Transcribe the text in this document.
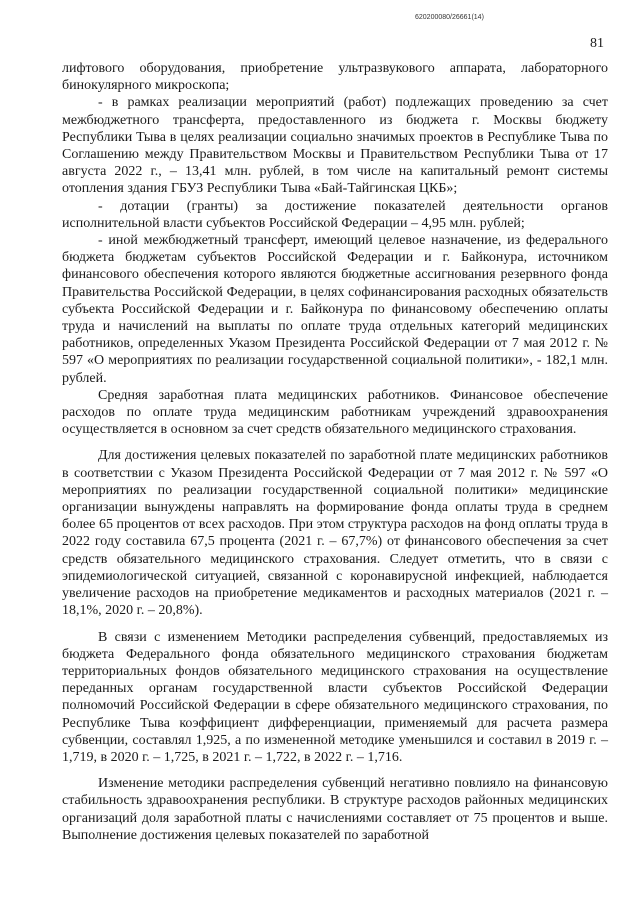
620200080/26661(14)
81

лифтового оборудования, приобретение ультразвукового аппарата, лабораторного бинокулярного микроскопа;

- в рамках реализации мероприятий (работ) подлежащих проведению за счет межбюджетного трансферта, предоставленного из бюджета г. Москвы бюджету Республики Тыва в целях реализации социально значимых проектов в Республике Тыва по Соглашению между Правительством Москвы и Правительством Республики Тыва от 17 августа 2022 г., – 13,41 млн. рублей, в том числе на капитальный ремонт системы отопления здания ГБУЗ Республики Тыва «Бай-Тайгинская ЦКБ»;

- дотации (гранты) за достижение показателей деятельности органов исполнительной власти субъектов Российской Федерации – 4,95 млн. рублей;

- иной межбюджетный трансферт, имеющий целевое назначение, из федерального бюджета бюджетам субъектов Российской Федерации и г. Байконура, источником финансового обеспечения которого являются бюджетные ассигнования резервного фонда Правительства Российской Федерации, в целях софинансирования расходных обязательств субъекта Российской Федерации и г. Байконура по финансовому обеспечению оплаты труда и начислений на выплаты по оплате труда отдельных категорий медицинских работников, определенных Указом Президента Российской Федерации от 7 мая 2012 г. № 597 «О мероприятиях по реализации государственной социальной политики», - 182,1 млн. рублей.

Средняя заработная плата медицинских работников. Финансовое обеспечение расходов по оплате труда медицинским работникам учреждений здравоохранения осуществляется в основном за счет средств обязательного медицинского страхования.

Для достижения целевых показателей по заработной плате медицинских работников в соответствии с Указом Президента Российской Федерации от 7 мая 2012 г. № 597 «О мероприятиях по реализации государственной социальной политики» медицинские организации вынуждены направлять на формирование фонда оплаты труда в среднем более 65 процентов от всех расходов. При этом структура расходов на фонд оплаты труда в 2022 году составила 67,5 процента (2021 г. – 67,7%) от финансового обеспечения за счет средств обязательного медицинского страхования. Следует отметить, что в связи с эпидемиологической ситуацией, связанной с коронавирусной инфекцией, наблюдается увеличение расходов на приобретение медикаментов и расходных материалов (2021 г. – 18,1%, 2020 г. – 20,8%).

В связи с изменением Методики распределения субвенций, предоставляемых из бюджета Федерального фонда обязательного медицинского страхования бюджетам территориальных фондов обязательного медицинского страхования на осуществление переданных органам государственной власти субъектов Российской Федерации полномочий Российской Федерации в сфере обязательного медицинского страхования, по Республике Тыва коэффициент дифференциации, применяемый для расчета размера субвенции, составлял 1,925, а по измененной методике уменьшился и составил в 2019 г. – 1,719, в 2020 г. – 1,725, в 2021 г. – 1,722, в 2022 г. – 1,716.

Изменение методики распределения субвенций негативно повлияло на финансовую стабильность здравоохранения республики. В структуре расходов районных медицинских организаций доля заработной платы с начислениями составляет от 75 процентов и выше. Выполнение достижения целевых показателей по заработной
